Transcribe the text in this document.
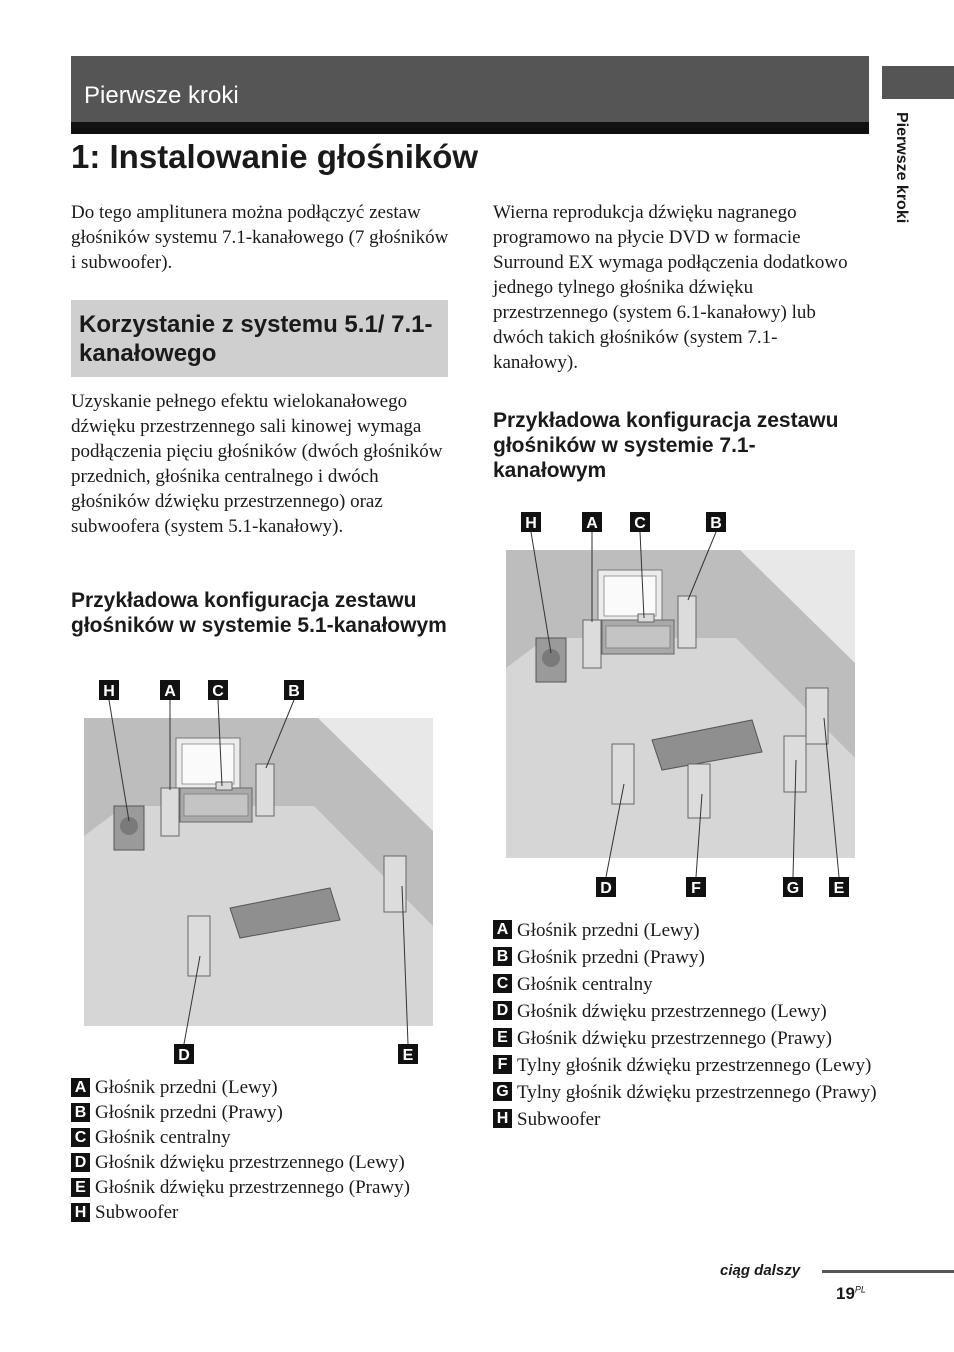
Pierwsze kroki
Pierwsze kroki
1: Instalowanie głośników

Do tego amplitunera można podłączyć zestaw głośników systemu 7.1-kanałowego (7 głośników i subwoofer).

Korzystanie z systemu 5.1/ 7.1-kanałowego

Uzyskanie pełnego efektu wielokanałowego dźwięku przestrzennego sali kinowej wymaga podłączenia pięciu głośników (dwóch głośników przednich, głośnika centralnego i dwóch głośników dźwięku przestrzennego) oraz subwoofera (system 5.1-kanałowy).

Przykładowa konfiguracja zestawu głośników w systemie 5.1-kanałowym
H	A C	B
D	E
A Głośnik przedni (Lewy)
B Głośnik przedni (Prawy)
C Głośnik centralny
D Głośnik dźwięku przestrzennego (Lewy)
E Głośnik dźwięku przestrzennego (Prawy)
H Subwoofer

Wierna reprodukcja dźwięku nagranego programowo na płycie DVD w formacie Surround EX wymaga podłączenia dodatkowo jednego tylnego głośnika dźwięku przestrzennego (system 6.1-kanałowy) lub dwóch takich głośników (system 7.1-kanałowy).

Przykładowa konfiguracja zestawu głośników w systemie 7.1-kanałowym
H	A C	B
D	F	G E
A Głośnik przedni (Lewy)
B Głośnik przedni (Prawy)
C Głośnik centralny
D Głośnik dźwięku przestrzennego (Lewy)
E Głośnik dźwięku przestrzennego (Prawy)
F Tylny głośnik dźwięku przestrzennego (Lewy)
G Tylny głośnik dźwięku przestrzennego (Prawy)
H Subwoofer
ciąg dalszy
$19^{PL}$
